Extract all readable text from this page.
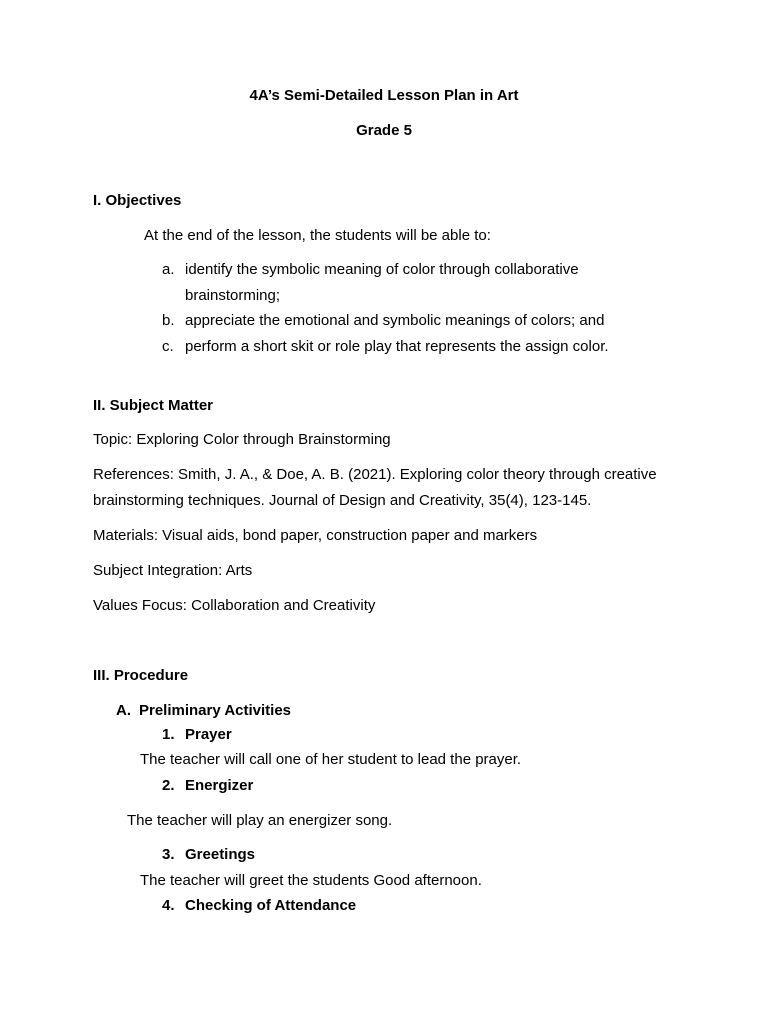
4A’s Semi-Detailed Lesson Plan in Art
Grade 5
I. Objectives
At the end of the lesson, the students will be able to:
a. identify the symbolic meaning of color through collaborative
brainstorming;
b. appreciate the emotional and symbolic meanings of colors; and
c. perform a short skit or role play that represents the assign color.
II. Subject Matter
Topic: Exploring Color through Brainstorming
References: Smith, J. A., & Doe, A. B. (2021). Exploring color theory through creative
brainstorming techniques. Journal of Design and Creativity, 35(4), 123-145.
Materials: Visual aids, bond paper, construction paper and markers
Subject Integration: Arts
Values Focus: Collaboration and Creativity
III. Procedure
A. Preliminary Activities
1. Prayer
The teacher will call one of her student to lead the prayer.
2. Energizer
The teacher will play an energizer song.
3. Greetings
The teacher will greet the students Good afternoon.
4. Checking of Attendance
